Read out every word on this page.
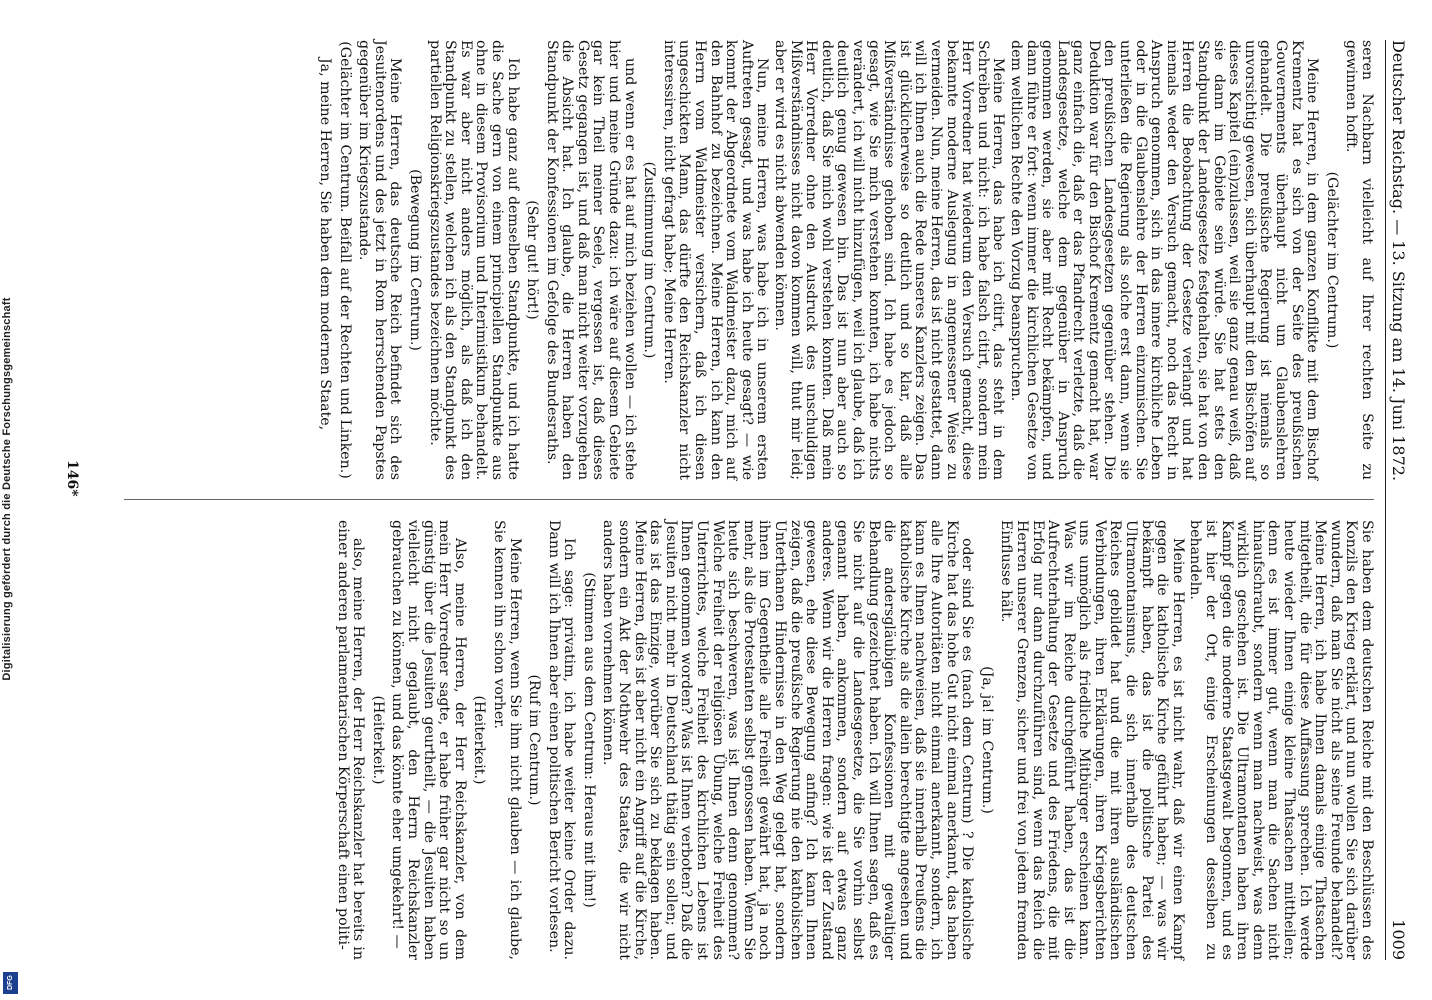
Digitalisierung gefördert durch die Deutsche Forschungsgemeinschaft
DFG
Deutscher Reichstag. — 13. Sitzung am 14. Juni 1872.
1009
seren Nachbarn vielleicht auf Ihrer rechten Seite zu gewinnen hofft.
(Gelächter im Centrum.)
Meine Herren, in dem ganzen Konflikte mit dem Bischof Krementz hat es sich von der Seite des preußischen Gouvernements überhaupt nicht um Glaubenslehren gehandelt. Die preußische Regierung ist niemals so unvorsichtig gewesen, sich überhaupt mit den Bischöfen auf dieses Kapitel (ein)zulassen, weil sie ganz genau weiß, daß sie dann im Gebiete sein würde. Sie hat stets den Standpunkt der Landesgesetze festgehalten, sie hat von den Herren die Beobachtung der Gesetze verlangt und hat niemals weder den Versuch gemacht, noch das Recht in Anspruch genommen, sich in das innere kirchliche Leben oder in die Glaubenslehre der Herren einzumischen. Sie unterließen die Regierung als solche erst dann, wenn sie den preußischen Landesgesetzen gegenüber stehen. Die Deduktion war für den Bischof Krementz gemacht hat, war ganz einfach die, daß er das Pfandrecht verletzte, daß die Landesgesetze, welche dem gegenüber in Anspruch genommen werden, sie aber mit Recht bekämpfen, und dann führe er fort: wenn immer die kirchlichen Gesetze von dem weltlichen Rechte den Vorzug beanspruchen.
Meine Herren, das habe ich citirt, das steht in dem Schreiben und nicht: ich habe falsch citirt, sondern mein Herr Vorredner hat wiederum den Versuch gemacht, diese bekannte moderne Auslegung in angemessener Weise zu vermeiden. Nun, meine Herren, das ist nicht gestattet, dann will ich Ihnen auch die Rede unseres Kanzlers zeigen. Das ist glücklicherweise so deutlich und so klar, daß alle Mißverständnisse gehoben sind. Ich habe es jedoch so gesagt, wie Sie mich verstehen konnten, ich habe nichts verändert, ich will nicht hinzufügen, weil ich glaube, daß ich deutlich genug gewesen bin. Das ist nun aber auch so deutlich, daß Sie mich wohl verstehen konnten. Daß mein Herr Vorredner ohne den Ausdruck des unschuldigen Mißverständnisses nicht davon kommen will, thut mir leid; aber er wird es nicht abwenden können.
Nun, meine Herren, was habe ich in unserem ersten Auftreten gesagt, und was habe ich heute gesagt? — wie kommt der Abgeordnete vom Waldmeister dazu, mich auf den Bahnhof zu bezeichnen. Meine Herren, ich kann den Herrn vom Waldmeister versichern, daß ich diesen ungeschickten Mann, das dürfte den Reichskanzler nicht interessiren, nicht gefragt habe; Meine Herren.
(Zustimmung im Centrum.)
und wenn er es hat auf mich beziehen wollen — ich stehe hier und meine Gründe dazu: ich wäre auf diesem Gebiete gar kein Theil meiner Seele, vergessen ist, daß dieses Gesetz gegangen ist, und daß man nicht weiter vorzugehen die Absicht hat. Ich glaube, die Herren haben den Standpunkt der Konfessionen im Gefolge des Bundesraths.
(Sehr gut! hört!)
Ich habe ganz auf demselben Standpunkte, und ich hatte die Sache gern von einem principiellen Standpunkte aus ohne in diesem Provisorium und Interimistikum behandelt. Es war aber nicht anders möglich, als daß ich den Standpunkt zu stellen, welchen ich als den Standpunkt des partiellen Religionskriegszustandes bezeichnen möchte.
(Bewegung im Centrum.)
Meine Herren, das deutsche Reich befindet sich des Jesuitenordens und des jetzt in Rom herrschenden Papstes gegenüber im Kriegszustande.
(Gelächter im Centrum. Beifall auf der Rechten und Linken.)
Ja, meine Herren, Sie haben dem modernen Staate,
Sie haben dem deutschen Reiche mit den Beschlüssen des Konzils den Krieg erklärt, und nun wollen Sie sich darüber wundern, daß man Sie nicht als seine Freunde behandelt? Meine Herren, ich habe Ihnen damals einige Thatsachen mitgetheilt, die für diese Auffassung sprechen. Ich werde heute wieder Ihnen einige kleine Thatsachen mittheilen; denn es ist immer gut, wenn man die Sachen nicht hinaufschraubt, sondern wenn man nachweist, was denn wirklich geschehen ist. Die Ultramontanen haben ihren Kampf gegen die moderne Staatsgewalt begonnen, und es ist hier der Ort, einige Erscheinungen desselben zu behandeln.
Meine Herren, es ist nicht wahr, daß wir einen Kampf gegen die katholische Kirche geführt haben; — was wir bekämpft haben, das ist die politische Partei des Ultramontanismus, die sich innerhalb des deutschen Reiches gebildet hat und die mit ihren ausländischen Verbindungen, ihren Erklärungen, ihren Kriegsberichten uns unmöglich als friedliche Mitbürger erscheinen kann. Was wir im Reiche durchgeführt haben, das ist die Aufrechterhaltung der Gesetze und des Friedens, die mit Erfolg nur dann durchzuführen sind, wenn das Reich die Herren unserer Grenzen, sicher und frei von jedem fremden Einflusse hält.
(Ja, ja! im Centrum.)
oder sind Sie es (nach dem Centrum) ? Die katholische Kirche hat das hohe Gut nicht einmal anerkannt, das haben alle Ihre Autoritäten nicht einmal anerkannt, sondern, ich kann es Ihnen nachweisen, daß sie innerhalb Preußens die katholische Kirche als die allein berechtigte angesehen und die andersgläubigen Konfessionen mit gewaltiger Behandlung gezeichnet haben. Ich will Ihnen sagen, daß es Sie nicht auf die Landesgesetze, die Sie vorhin selbst genannt haben, ankommen, sondern auf etwas ganz anderes. Wenn wir die Herren fragen: wie ist der Zustand gewesen, ehe diese Bewegung anfing? Ich kann Ihnen zeigen, daß die preußische Regierung nie den katholischen Unterthanen Hindernisse in den Weg gelegt hat, sondern ihnen im Gegentheile alle Freiheit gewährt hat, ja noch mehr, als die Protestanten selbst genossen haben. Wenn Sie heute sich beschweren, was ist Ihnen denn genommen? Welche Freiheit der religiösen Übung, welche Freiheit des Unterrichtes, welche Freiheit des kirchlichen Lebens ist Ihnen genommen worden? Was ist Ihnen verboten? Daß die Jesuiten nicht mehr in Deutschland thätig sein sollen; und das ist das Einzige, worüber Sie sich zu beklagen haben. Meine Herren, dies ist aber nicht ein Angriff auf die Kirche, sondern ein Akt der Nothwehr des Staates, die wir nicht anders haben vornehmen können.
(Stimmen aus dem Centrum: Heraus mit ihm!)
Ich sage: privatim, ich habe weiter keine Order dazu. Dann will ich Ihnen aber einen politischen Bericht vorlesen.
(Ruf im Centrum.)
Meine Herren, wenn Sie ihm nicht glauben — ich glaube, Sie kennen ihn schon vorher.
(Heiterkeit.)
Also, meine Herren, der Herr Reichskanzler, von dem mein Herr Vorredner sagte, er habe früher gar nicht so un günstig über die Jesuiten geurtheilt, — die Jesuiten haben vielleicht nicht geglaubt, den Herrn Reichskanzler gebrauchen zu können, und das könnte eher umgekehrt! —
(Heiterkeit.)
also, meine Herren, der Herr Reichskanzler hat bereits in einer anderen parlamentarischen Körperschaft einen politi-
146*
